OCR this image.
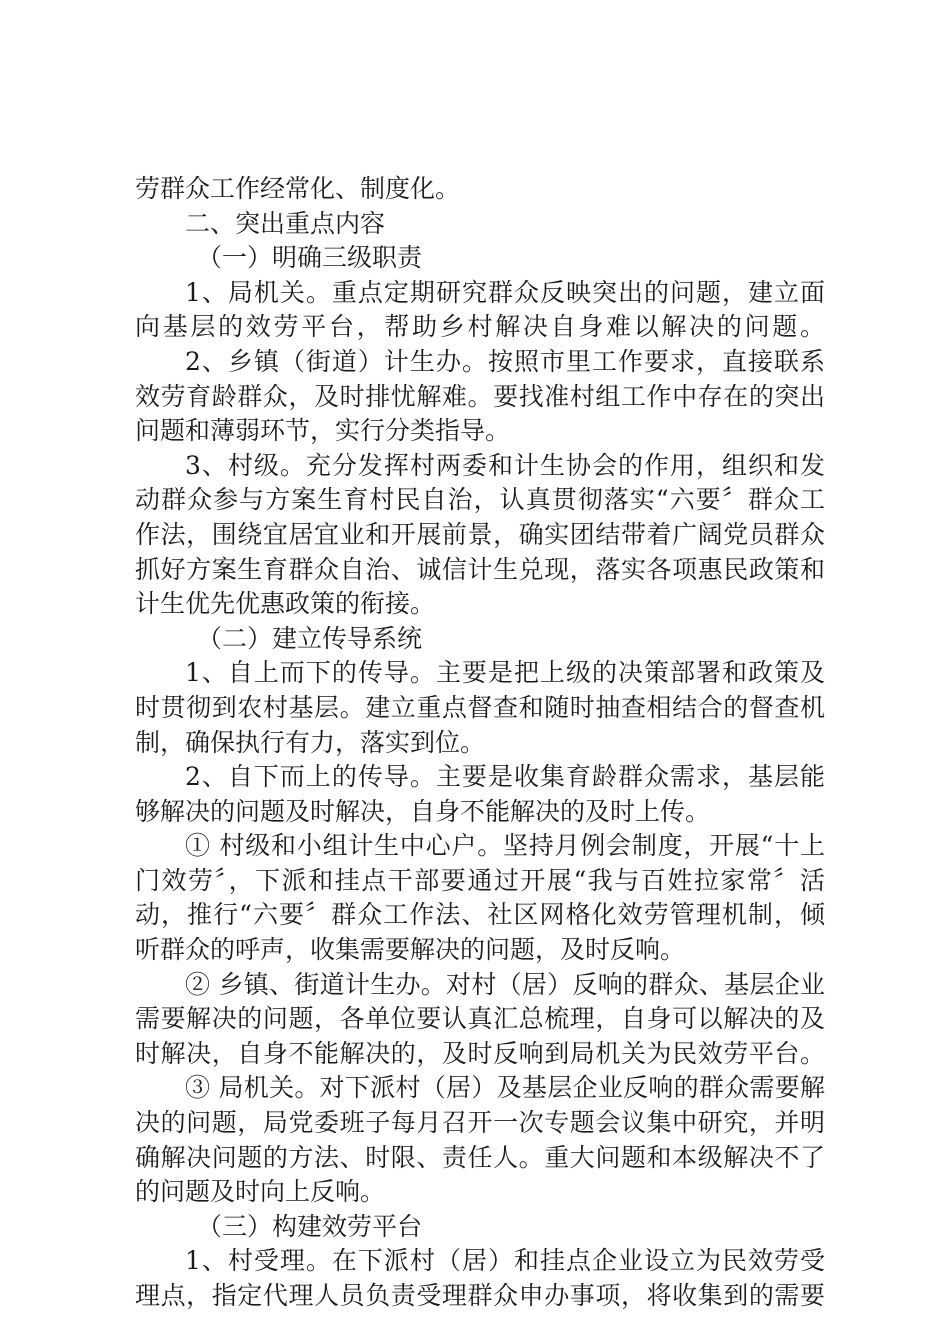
劳群众工作经常化、制度化。
二、突出重点内容
（一）明确三级职责
1、局机关。重点定期研究群众反映突出的问题，建立面
向基层的效劳平台，帮助乡村解决自身难以解决的问题。
2、乡镇（街道）计生办。按照市里工作要求，直接联系
效劳育龄群众，及时排忧解难。要找准村组工作中存在的突出
问题和薄弱环节，实行分类指导。
3、村级。充分发挥村两委和计生协会的作用，组织和发
动群众参与方案生育村民自治，认真贯彻落实“六要〞群众工
作法，围绕宜居宜业和开展前景，确实团结带着广阔党员群众
抓好方案生育群众自治、诚信计生兑现，落实各项惠民政策和
计生优先优惠政策的衔接。
（二）建立传导系统
1、自上而下的传导。主要是把上级的决策部署和政策及
时贯彻到农村基层。建立重点督查和随时抽查相结合的督查机
制，确保执行有力，落实到位。
2、自下而上的传导。主要是收集育龄群众需求，基层能
够解决的问题及时解决，自身不能解决的及时上传。
① 村级和小组计生中心户。坚持月例会制度，开展“十上
门效劳〞，下派和挂点干部要通过开展“我与百姓拉家常〞活
动，推行“六要〞群众工作法、社区网格化效劳管理机制，倾
听群众的呼声，收集需要解决的问题，及时反响。
② 乡镇、街道计生办。对村（居）反响的群众、基层企业
需要解决的问题，各单位要认真汇总梳理，自身可以解决的及
时解决，自身不能解决的，及时反响到局机关为民效劳平台。
③ 局机关。对下派村（居）及基层企业反响的群众需要解
决的问题，局党委班子每月召开一次专题会议集中研究，并明
确解决问题的方法、时限、责任人。重大问题和本级解决不了
的问题及时向上反响。
（三）构建效劳平台
1、村受理。在下派村（居）和挂点企业设立为民效劳受
理点，指定代理人员负责受理群众申办事项，将收集到的需要
